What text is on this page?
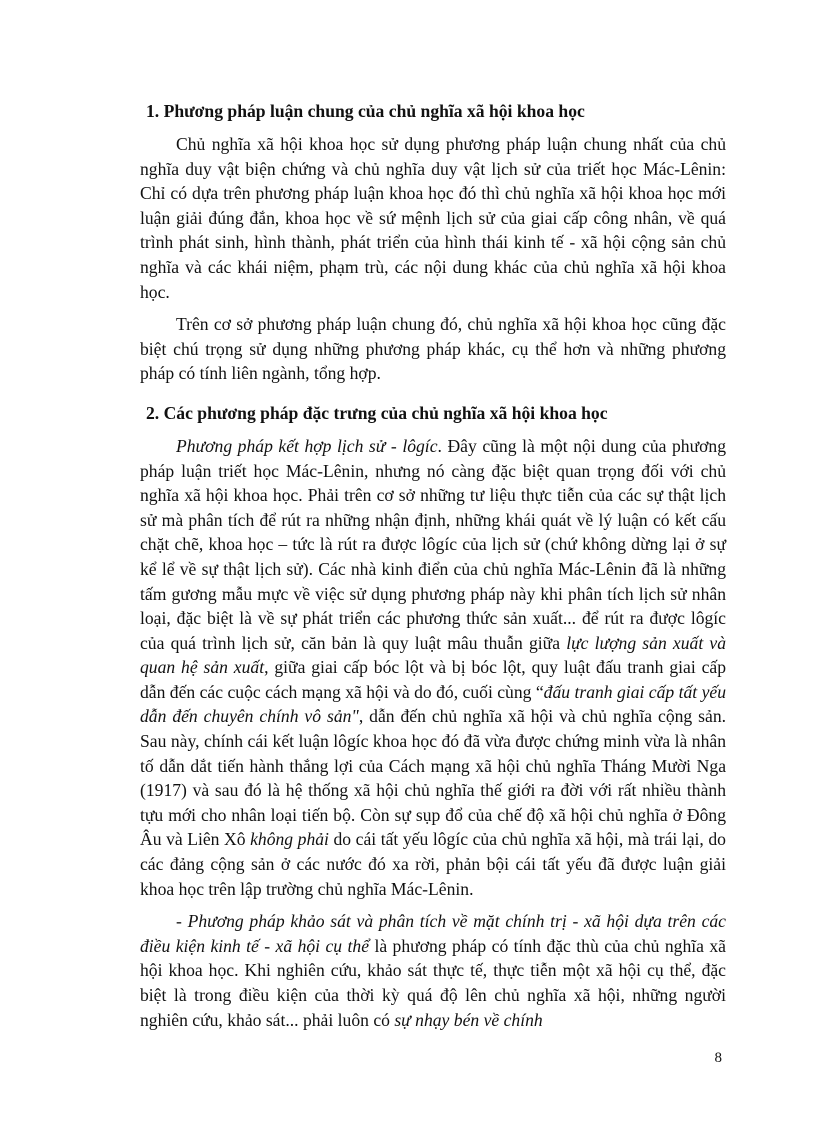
1. Phương pháp luận chung của chủ nghĩa xã hội khoa học

Chủ nghĩa xã hội khoa học sử dụng phương pháp luận chung nhất của chủ nghĩa duy vật biện chứng và chủ nghĩa duy vật lịch sử của triết học Mác-Lênin: Chỉ có dựa trên phương pháp luận khoa học đó thì chủ nghĩa xã hội khoa học mới luận giải đúng đắn, khoa học về sứ mệnh lịch sử của giai cấp công nhân, về quá trình phát sinh, hình thành, phát triển của hình thái kinh tế - xã hội cộng sản chủ nghĩa và các khái niệm, phạm trù, các nội dung khác của chủ nghĩa xã hội khoa học.

Trên cơ sở phương pháp luận chung đó, chủ nghĩa xã hội khoa học cũng đặc biệt chú trọng sử dụng những phương pháp khác, cụ thể hơn và những phương pháp có tính liên ngành, tổng hợp.

2. Các phương pháp đặc trưng của chủ nghĩa xã hội khoa học

Phương pháp kết hợp lịch sử - lôgíc. Đây cũng là một nội dung của phương pháp luận triết học Mác-Lênin, nhưng nó càng đặc biệt quan trọng đối với chủ nghĩa xã hội khoa học. Phải trên cơ sở những tư liệu thực tiễn của các sự thật lịch sử mà phân tích để rút ra những nhận định, những khái quát về lý luận có kết cấu chặt chẽ, khoa học – tức là rút ra được lôgíc của lịch sử (chứ không dừng lại ở sự kể lể về sự thật lịch sử). Các nhà kinh điển của chủ nghĩa Mác-Lênin đã là những tấm gương mẫu mực về việc sử dụng phương pháp này khi phân tích lịch sử nhân loại, đặc biệt là về sự phát triển các phương thức sản xuất... để rút ra được lôgíc của quá trình lịch sử, căn bản là quy luật mâu thuẫn giữa lực lượng sản xuất và quan hệ sản xuất, giữa giai cấp bóc lột và bị bóc lột, quy luật đấu tranh giai cấp dẫn đến các cuộc cách mạng xã hội và do đó, cuối cùng “đấu tranh giai cấp tất yếu dẫn đến chuyên chính vô sản", dẫn đến chủ nghĩa xã hội và chủ nghĩa cộng sản. Sau này, chính cái kết luận lôgíc khoa học đó đã vừa được chứng minh vừa là nhân tố dẫn dắt tiến hành thắng lợi của Cách mạng xã hội chủ nghĩa Tháng Mười Nga (1917) và sau đó là hệ thống xã hội chủ nghĩa thế giới ra đời với rất nhiều thành tựu mới cho nhân loại tiến bộ. Còn sự sụp đổ của chế độ xã hội chủ nghĩa ở Đông Âu và Liên Xô không phải do cái tất yếu lôgíc của chủ nghĩa xã hội, mà trái lại, do các đảng cộng sản ở các nước đó xa rời, phản bội cái tất yếu đã được luận giải khoa học trên lập trường chủ nghĩa Mác-Lênin.

- Phương pháp khảo sát và phân tích về mặt chính trị - xã hội dựa trên các điều kiện kinh tế - xã hội cụ thể là phương pháp có tính đặc thù của chủ nghĩa xã hội khoa học. Khi nghiên cứu, khảo sát thực tế, thực tiễn một xã hội cụ thể, đặc biệt là trong điều kiện của thời kỳ quá độ lên chủ nghĩa xã hội, những người nghiên cứu, khảo sát... phải luôn có sự nhạy bén về chính

8
